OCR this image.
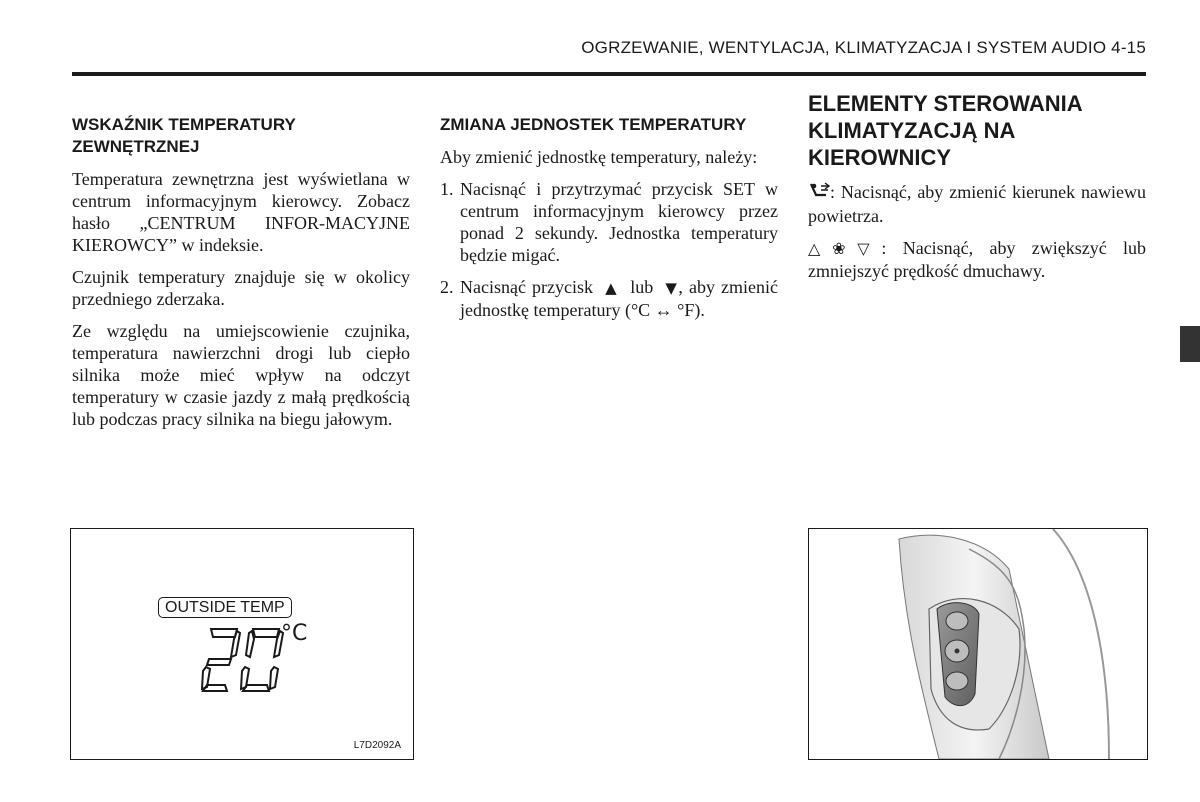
OGRZEWANIE, WENTYLACJA, KLIMATYZACJA I SYSTEM AUDIO 4-15
WSKAŹNIK TEMPERATURY ZEWNĘTRZNEJ

Temperatura zewnętrzna jest wyświetlana w centrum informacyjnym kierowcy. Zobacz hasło „CENTRUM INFOR-MACYJNE KIEROWCY” w indeksie.

Czujnik temperatury znajduje się w okolicy przedniego zderzaka.

Ze względu na umiejscowienie czujnika, temperatura nawierzchni drogi lub ciepło silnika może mieć wpływ na odczyt temperatury w czasie jazdy z małą prędkością lub podczas pracy silnika na biegu jałowym.

ZMIANA JEDNOSTEK TEMPERATURY

Aby zmienić jednostkę temperatury, należy:

1. Nacisnąć i przytrzymać przycisk SET w centrum informacyjnym kierowcy przez ponad 2 sekundy. Jednostka temperatury będzie migać.
2. Nacisnąć przycisk ▲ lub ▼, aby zmienić jednostkę temperatury (°C ↔ °F).
ELEMENTY STEROWANIA KLIMATYZACJĄ NA KIEROWNICY

: Nacisnąć, aby zmienić kierunek nawiewu powietrza.

△❀▽: Nacisnąć, aby zwiększyć lub zmniejszyć prędkość dmuchawy.

OUTSIDE TEMP
°C
L7D2092A
